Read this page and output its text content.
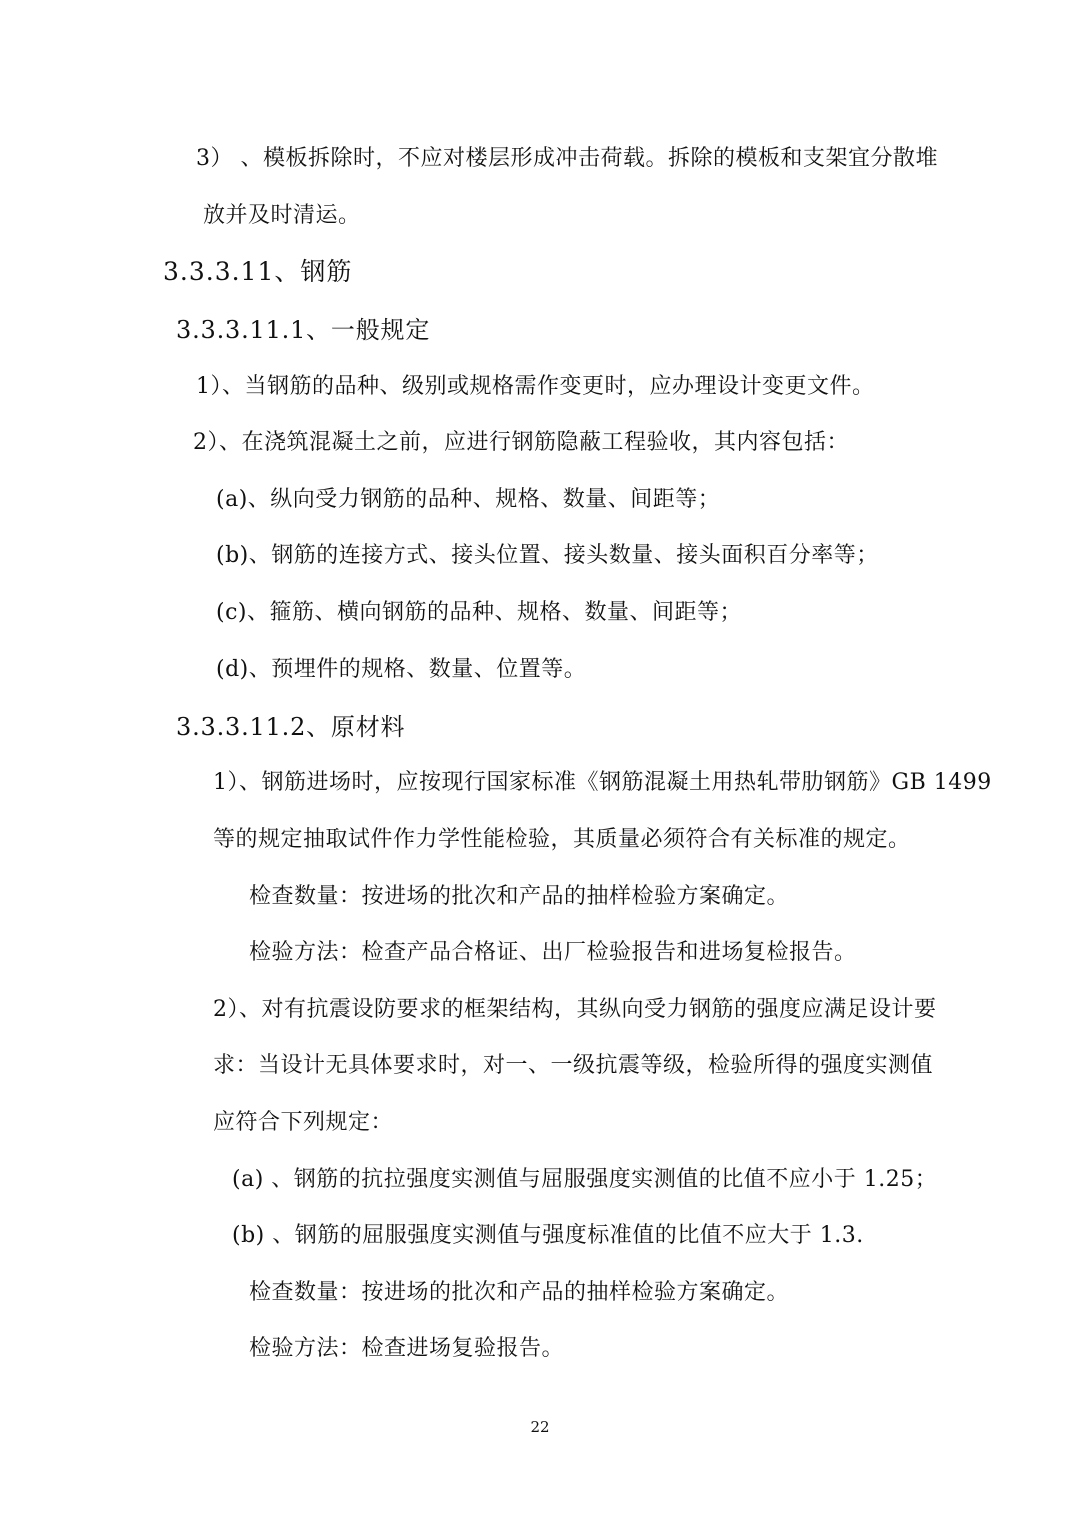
3） 、模板拆除时，不应对楼层形成冲击荷载。拆除的模板和支架宜分散堆
放并及时清运。
3.3.3.11、钢筋
3.3.3.11.1、一般规定
1）、当钢筋的品种、级别或规格需作变更时，应办理设计变更文件。
2）、在浇筑混凝土之前，应进行钢筋隐蔽工程验收，其内容包括：
(a)、纵向受力钢筋的品种、规格、数量、间距等；
(b)、钢筋的连接方式、接头位置、接头数量、接头面积百分率等；
(c)、箍筋、横向钢筋的品种、规格、数量、间距等；
(d)、预埋件的规格、数量、位置等。
3.3.3.11.2、原材料
1）、钢筋进场时，应按现行国家标准《钢筋混凝土用热轧带肋钢筋》GB 1499
等的规定抽取试件作力学性能检验，其质量必须符合有关标准的规定。
检查数量：按进场的批次和产品的抽样检验方案确定。
检验方法：检查产品合格证、出厂检验报告和进场复检报告。
2）、对有抗震设防要求的框架结构，其纵向受力钢筋的强度应满足设计要
求：当设计无具体要求时，对一、一级抗震等级，检验所得的强度实测值
应符合下列规定：
(a) 、钢筋的抗拉强度实测值与屈服强度实测值的比值不应小于 1.25；
(b) 、钢筋的屈服强度实测值与强度标准值的比值不应大于 1.3.
检查数量：按进场的批次和产品的抽样检验方案确定。
检验方法：检查进场复验报告。
22
